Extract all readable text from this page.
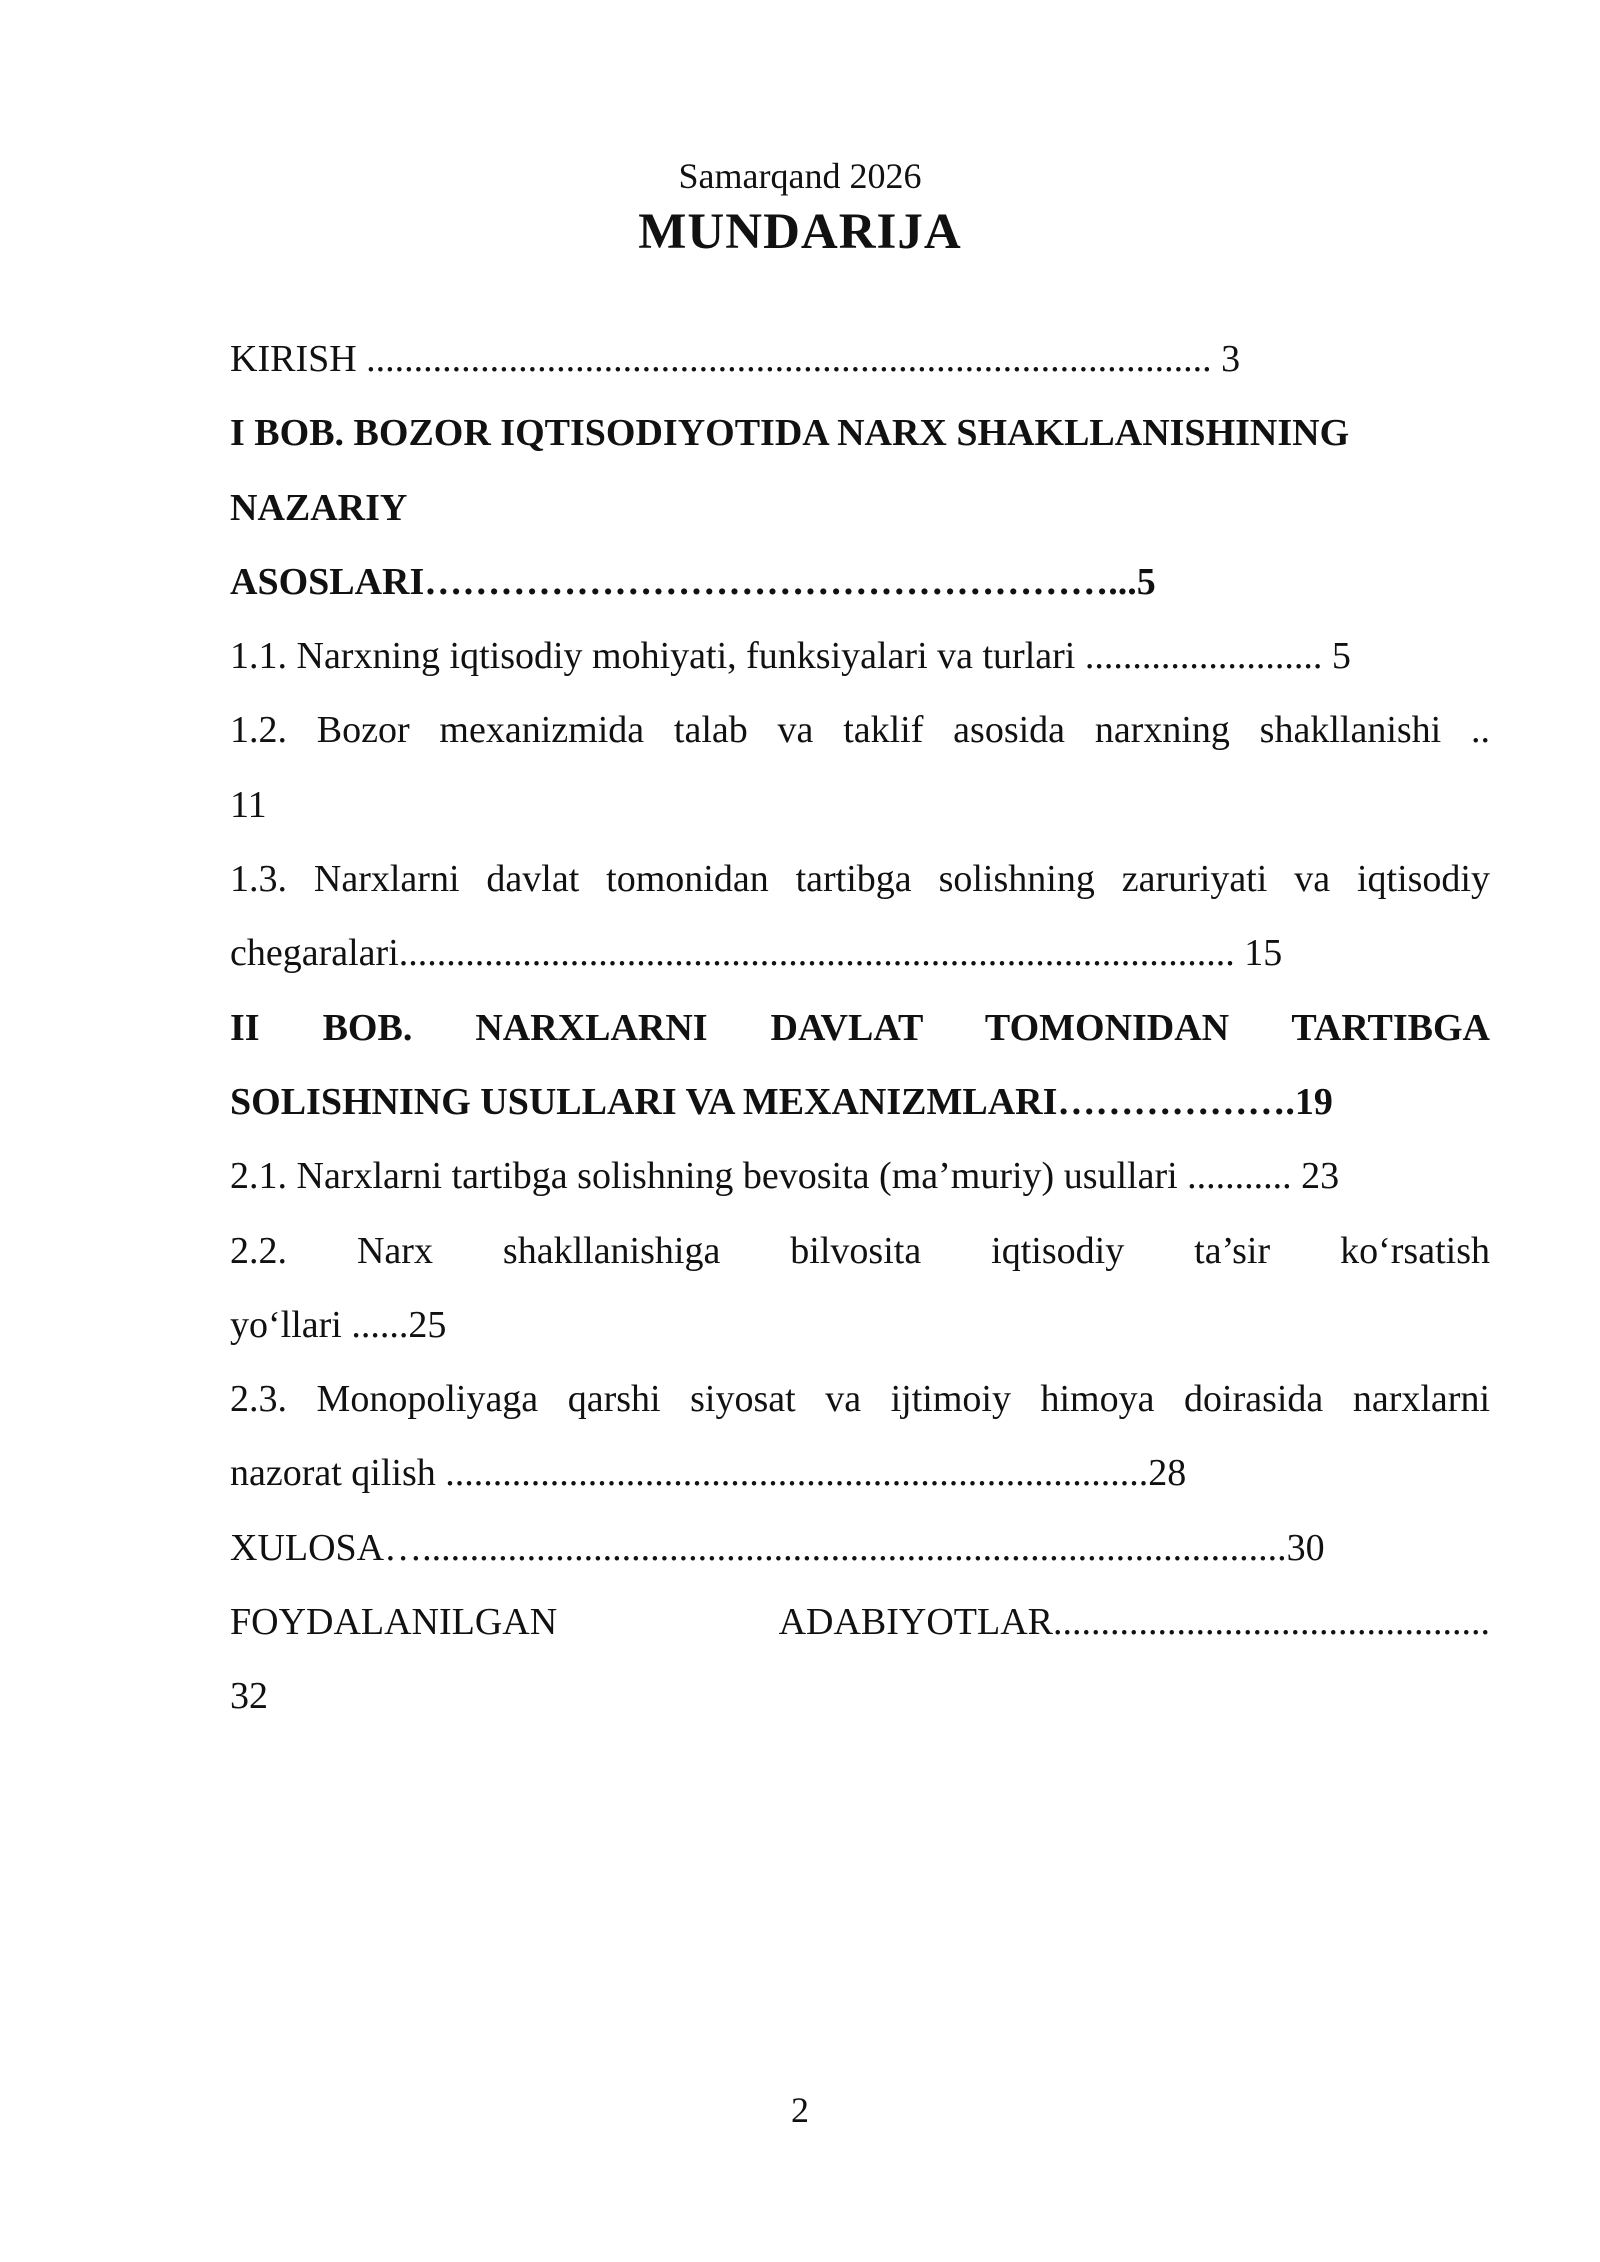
Samarqand 2026
MUNDARIJA
KIRISH ......................................................................................... 3
I BOB. BOZOR IQTISODIYOTIDA NARX SHAKLLANISHINING
NAZARIY
ASOSLARI………………………………………………...5
1.1. Narxning iqtisodiy mohiyati, funksiyalari va turlari ......................... 5
1.2. Bozor mexanizmida talab va taklif asosida narxning shakllanishi ..
11
1.3. Narxlarni davlat tomonidan tartibga solishning zaruriyati va iqtisodiy
chegaralari........................................................................................ 15
II BOB. NARXLARNI DAVLAT TOMONIDAN TARTIBGA
SOLISHNING USULLARI VA MEXANIZMLARI……………….19
2.1. Narxlarni tartibga solishning bevosita (ma’muriy) usullari ........... 23
2.2. Narx shakllanishiga bilvosita iqtisodiy ta’sir ko‘rsatish
yo‘llari ......25
2.3. Monopoliyaga qarshi siyosat va ijtimoiy himoya doirasida narxlarni
nazorat qilish ..........................................................................28
XULOSA…...........................................................................................30
FOYDALANILGAN ADABIYOTLAR..............................................
32
2
